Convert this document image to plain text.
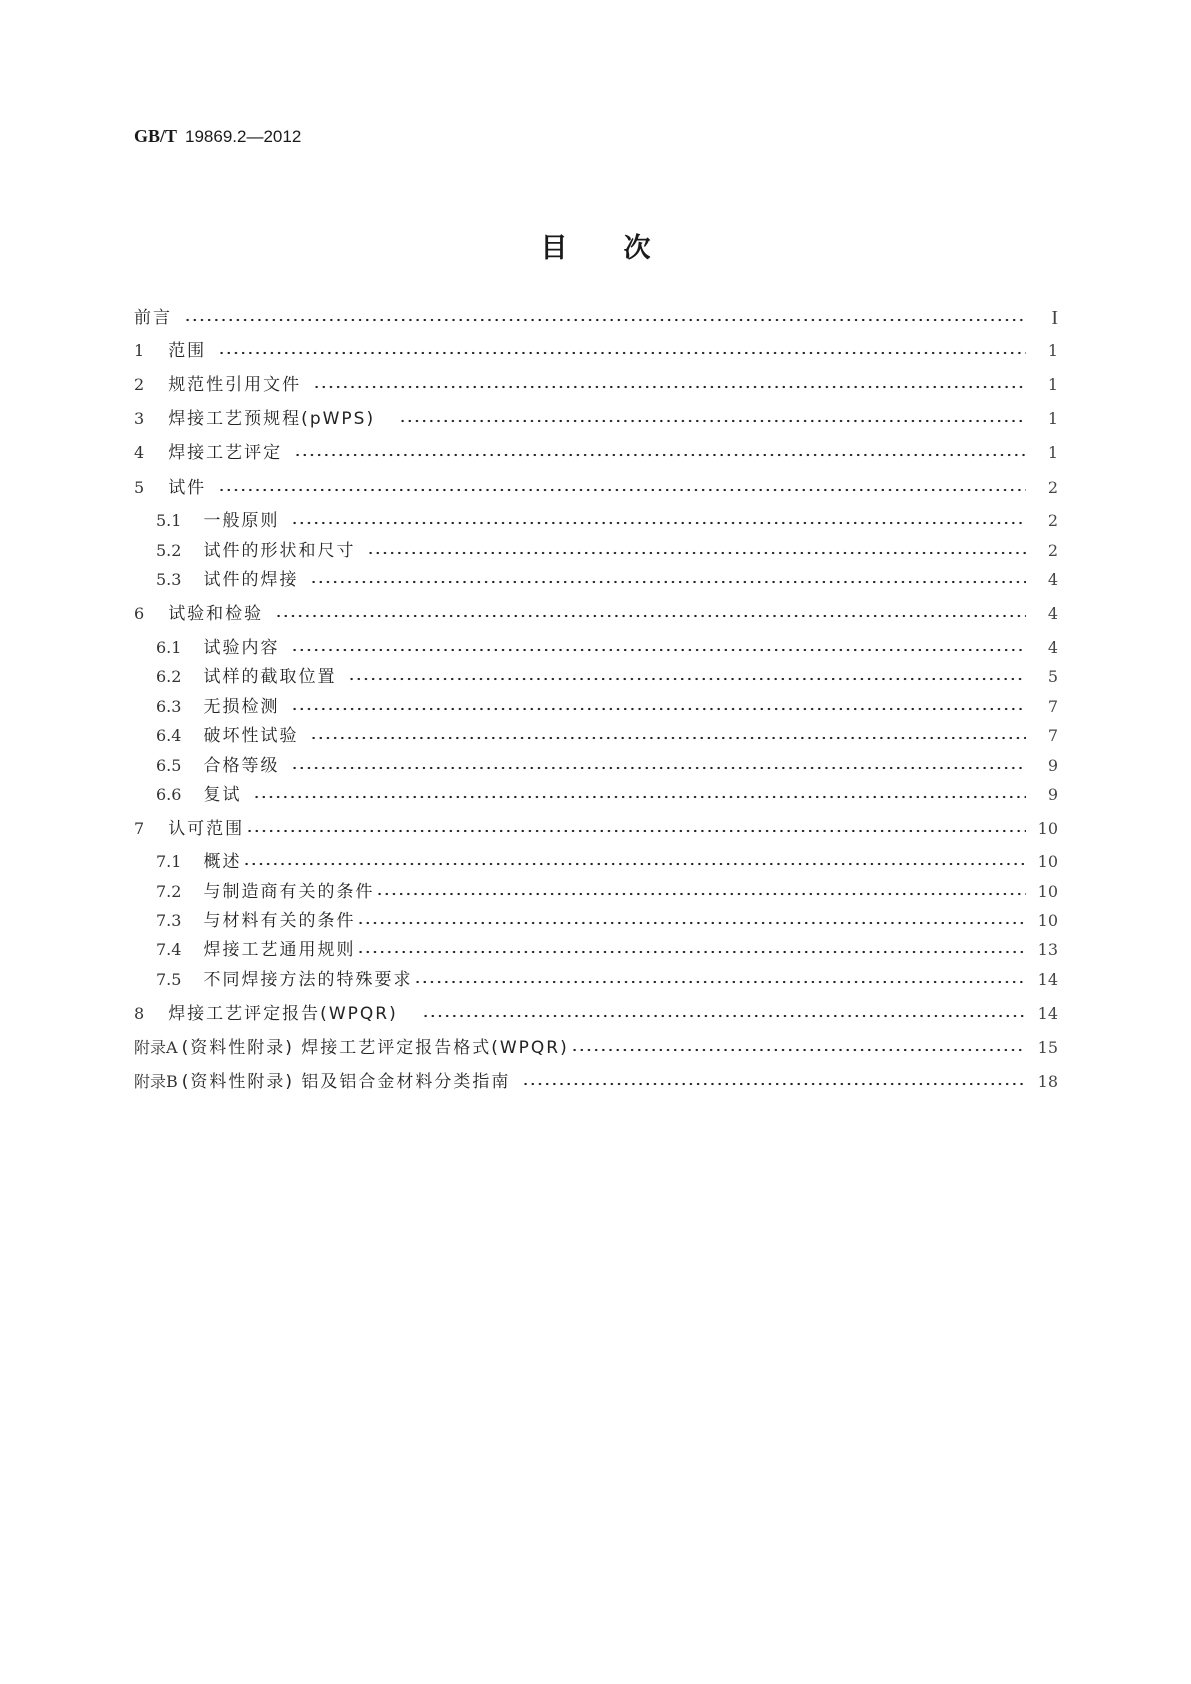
GB/T 19869.2—2012
目次
前言	I
1 范围	1
2 规范性引用文件	1
3 焊接工艺预规程(pWPS)	1
4 焊接工艺评定	1
5 试件	2
5.1 一般原则	2
5.2 试件的形状和尺寸	2
5.3 试件的焊接	4
6 试验和检验	4
6.1 试验内容	4
6.2 试样的截取位置	5
6.3 无损检测	7
6.4 破坏性试验	7
6.5 合格等级	9
6.6 复试	9
7 认可范围	10
7.1 概述	10
7.2 与制造商有关的条件	10
7.3 与材料有关的条件	10
7.4 焊接工艺通用规则	13
7.5 不同焊接方法的特殊要求	14
8 焊接工艺评定报告(WPQR)	14
附录A (资料性附录) 焊接工艺评定报告格式(WPQR)	15
附录B (资料性附录) 铝及铝合金材料分类指南	18
